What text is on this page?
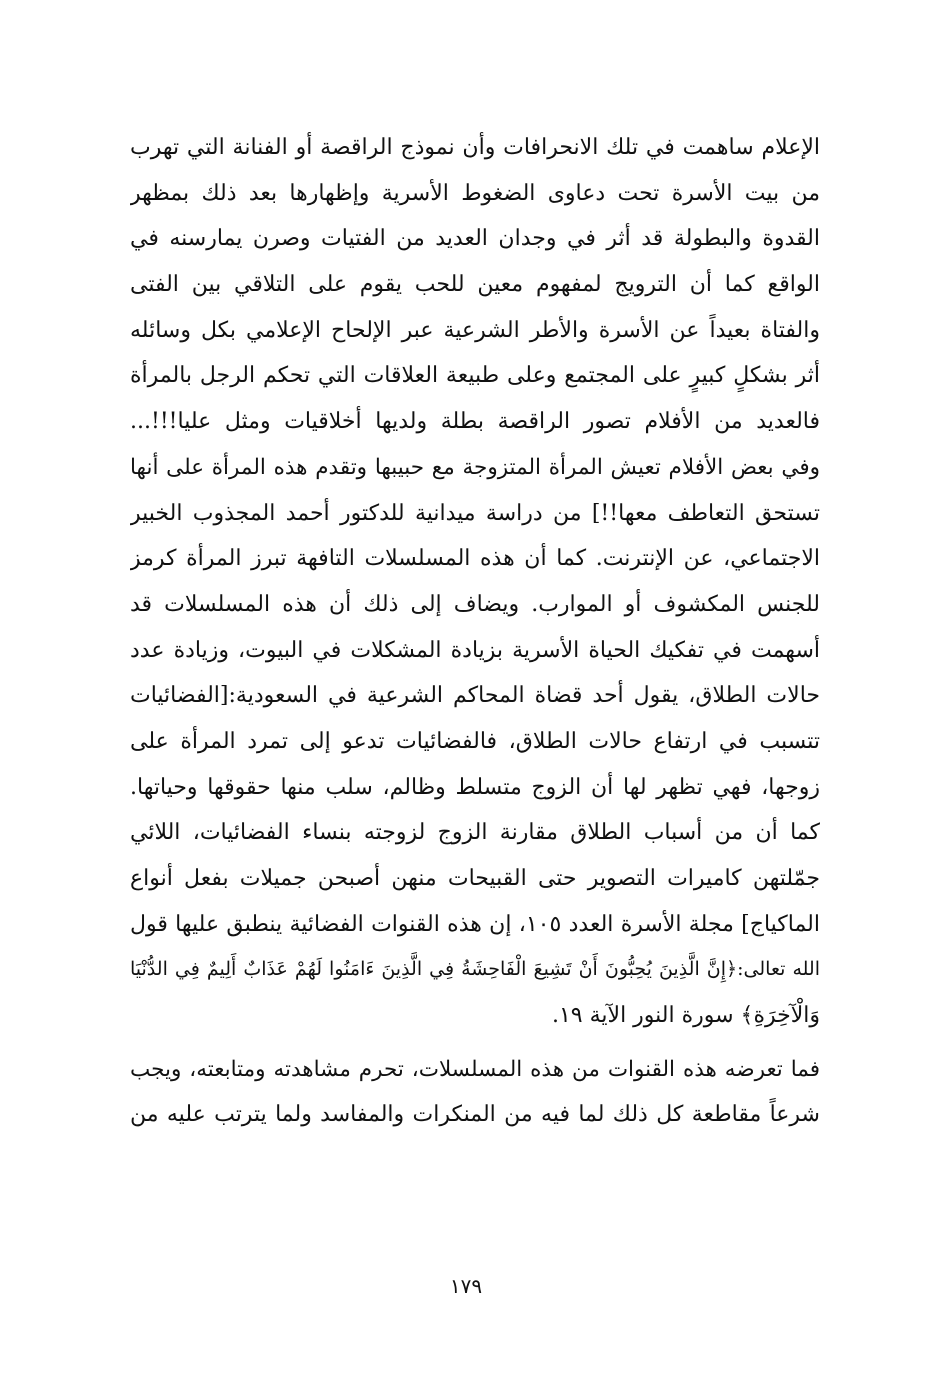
الإعلام ساهمت في تلك الانحرافات وأن نموذج الراقصة أو الفنانة التي تهرب
من بيت الأسرة تحت دعاوى الضغوط الأسرية وإظهارها بعد ذلك بمظهر
القدوة والبطولة قد أثر في وجدان العديد من الفتيات وصرن يمارسنه في
الواقع كما أن الترويج لمفهوم معين للحب يقوم على التلاقي بين الفتى
والفتاة بعيداً عن الأسرة والأطر الشرعية عبر الإلحاح الإعلامي بكل وسائله
أثر بشكلٍ كبيرٍ على المجتمع وعلى طبيعة العلاقات التي تحكم الرجل بالمرأة
فالعديد من الأفلام تصور الراقصة بطلة ولديها أخلاقيات ومثل عليا!!!...
وفي بعض الأفلام تعيش المرأة المتزوجة مع حبيبها وتقدم هذه المرأة على أنها
تستحق التعاطف معها!!] من دراسة ميدانية للدكتور أحمد المجذوب الخبير
الاجتماعي، عن الإنترنت. كما أن هذه المسلسلات التافهة تبرز المرأة كرمز
للجنس المكشوف أو الموارب. ويضاف إلى ذلك أن هذه المسلسلات قد
أسهمت في تفكيك الحياة الأسرية بزيادة المشكلات في البيوت، وزيادة عدد
حالات الطلاق، يقول أحد قضاة المحاكم الشرعية في السعودية:[الفضائيات
تتسبب في ارتفاع حالات الطلاق، فالفضائيات تدعو إلى تمرد المرأة على
زوجها، فهي تظهر لها أن الزوج متسلط وظالم، سلب منها حقوقها وحياتها.
كما أن من أسباب الطلاق مقارنة الزوج لزوجته بنساء الفضائيات، اللائي
جمّلتهن كاميرات التصوير حتى القبيحات منهن أصبحن جميلات بفعل أنواع
الماكياج] مجلة الأسرة العدد ١٠٥، إن هذه القنوات الفضائية ينطبق عليها قول
الله تعالى:﴿إِنَّ الَّذِينَ يُحِبُّونَ أَنْ تَشِيعَ الْفَاحِشَةُ فِي الَّذِينَ ءَامَنُوا لَهُمْ عَذَابٌ أَلِيمٌ فِي الدُّنْيَا
وَالْآخِرَةِ﴾ سورة النور الآية ١٩.
فما تعرضه هذه القنوات من هذه المسلسلات، تحرم مشاهدته ومتابعته، ويجب
شرعاً مقاطعة كل ذلك لما فيه من المنكرات والمفاسد ولما يترتب عليه من
١٧٩
